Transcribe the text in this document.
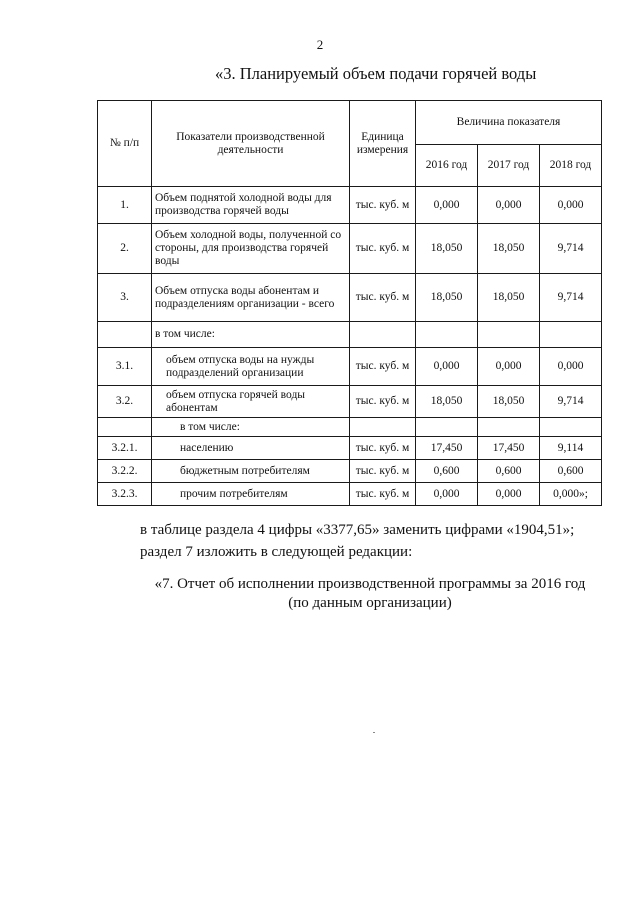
2
«3. Планируемый объем подачи горячей воды
№ п/п	Показатели производственной деятельности	Единица измерения	Величина показателя		
			2016 год	2017 год	2018 год
1.	Объем поднятой холодной воды для производства горячей воды	тыс. куб. м	0,000	0,000	0,000
2.	Объем холодной воды, полученной со стороны, для производства горячей воды	тыс. куб. м	18,050	18,050	9,714
3.	Объем отпуска воды абонентам и подразделениям организации - всего	тыс. куб. м	18,050	18,050	9,714
	в том числе:				
3.1.	объем отпуска воды на нужды подразделений организации	тыс. куб. м	0,000	0,000	0,000
3.2.	объем отпуска горячей воды абонентам	тыс. куб. м	18,050	18,050	9,714
	в том числе:				
3.2.1.	населению	тыс. куб. м	17,450	17,450	9,114
3.2.2.	бюджетным потребителям	тыс. куб. м	0,600	0,600	0,600
3.2.3.	прочим потребителям	тыс. куб. м	0,000	0,000	0,000»;
в таблице раздела 4 цифры «3377,65» заменить цифрами «1904,51»;
раздел 7 изложить в следующей редакции:
«7. Отчет об исполнении производственной программы за 2016 год
(по данным организации)
